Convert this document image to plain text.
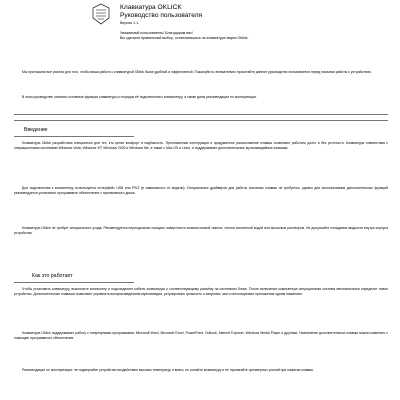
Клавиатура OKLICK
Руководство пользователя
Версия 1.1.
Уважаемый пользователь! Благодарим вас!
Вы сделали правильный выбор, остановившись на клавиатуре марки Oklick.

Мы приложили все усилия для того, чтобы ваша работа с клавиатурой Oklick была удобной и эффективной. Пожалуйста, внимательно прочитайте данное руководство пользователя перед началом работы с устройством.

В этом руководстве описаны основные функции клавиатуры и порядок её подключения к компьютеру, а также даны рекомендации по эксплуатации.

Введение

Клавиатура Oklick разработана специально для тех, кто ценит комфорт и надёжность. Эргономичная конструкция и продуманное расположение клавиш позволяют работать долго и без усталости. Клавиатура совместима с операционными системами Windows Vista, Windows XP, Windows 2000 и Windows Me, а также с Mac OS и Linux, и поддерживает дополнительные мультимедийные клавиши.

Для подключения к компьютеру используется интерфейс USB или PS/2 (в зависимости от модели). Специальных драйверов для работы основных клавиш не требуется, однако для использования дополнительных функций рекомендуется установить программное обеспечение с прилагаемого диска.

Клавиатура Oklick не требует специального ухода. Рекомендуется периодически очищать поверхность клавиш мягкой тканью, слегка смоченной водой или мыльным раствором. Не допускайте попадания жидкости внутрь корпуса устройства.

Как это работает

Чтобы установить клавиатуру, выключите компьютер и подсоедините кабель клавиатуры к соответствующему разъёму на системном блоке. После включения компьютера операционная система автоматически определит новое устройство. Дополнительные клавиши позволяют управлять воспроизведением мультимедиа, регулировать громкость и запускать часто используемые приложения одним нажатием.

Клавиатура Oklick поддерживает работу с популярными программами: Microsoft Word, Microsoft Excel, PowerPoint, Outlook, Internet Explorer, Windows Media Player и другими. Назначение дополнительных клавиш можно изменить с помощью программного обеспечения.

Рекомендации по эксплуатации: не подвергайте устройство воздействию высоких температур и влаги, не роняйте клавиатуру и не прилагайте чрезмерных усилий при нажатии клавиш.
